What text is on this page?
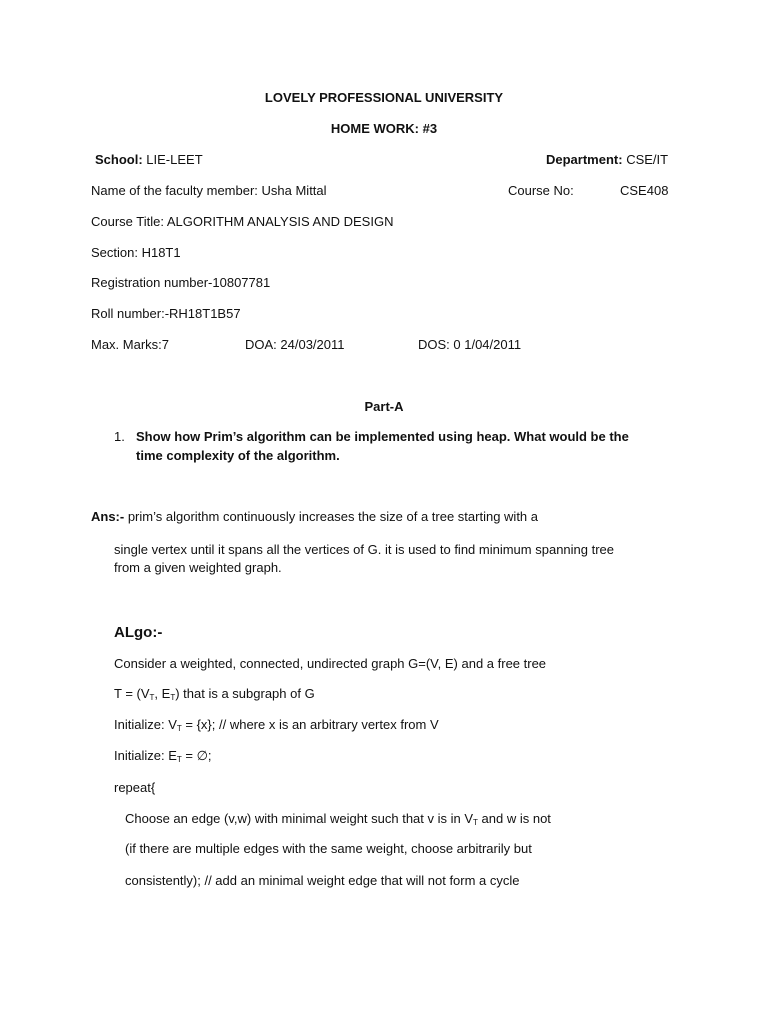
LOVELY PROFESSIONAL UNIVERSITY
HOME WORK: #3
School: LIE-LEET	Department: CSE/IT
Name of the faculty member: Usha Mittal	Course No:	CSE408
Course Title: ALGORITHM ANALYSIS AND DESIGN
Section: H18T1
Registration number-10807781
Roll number:-RH18T1B57
Max. Marks:7	DOA: 24/03/2011	DOS: 0 1/04/2011
Part-A
1. Show how Prim’s algorithm can be implemented using heap. What would be the
time complexity of the algorithm.
Ans:- prim’s algorithm continuously increases the size of a tree starting with a
single vertex until it spans all the vertices of G. it is used to find minimum spanning tree
from a given weighted graph.
ALgo:-
Consider a weighted, connected, undirected graph G=(V, E) and a free tree
$T = (V_T$, $E_T$) that is a subgraph of G
Initialize: $V_T = \{x\}$; // where x is an arbitrary vertex from V
Initialize: $E_T$ = ∅;
repeat{
Choose an edge (v,w) with minimal weight such that v is in $V_T$ and w is not
(if there are multiple edges with the same weight, choose arbitrarily but
consistently); // add an minimal weight edge that will not form a cycle
